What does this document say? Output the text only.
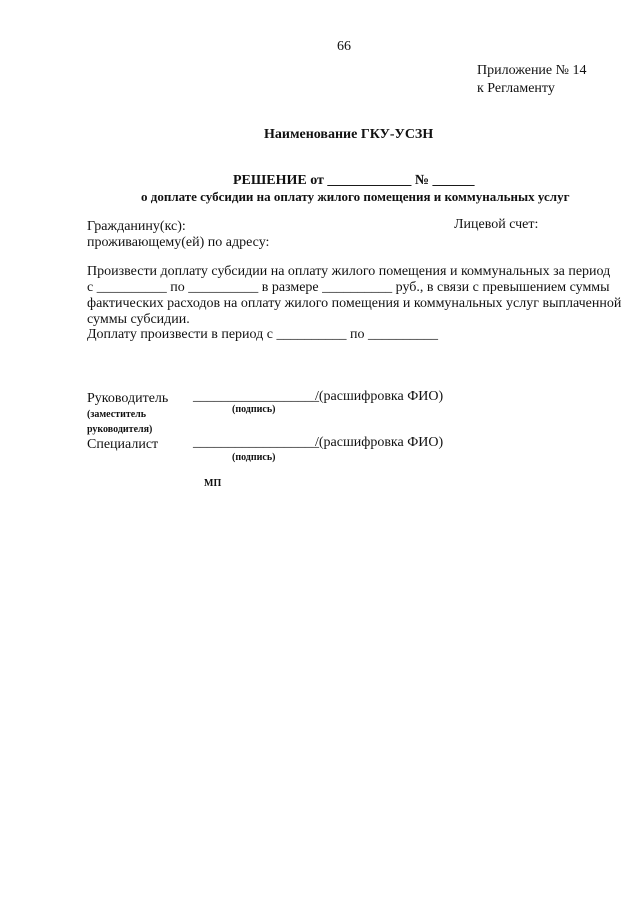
66
Приложение № 14
к Регламенту
Наименование ГКУ-УСЗН
РЕШЕНИЕ от ____________ № ______
о доплате субсидии на оплату жилого помещения и коммунальных услуг
Гражданину(кс):	Лицевой счет:
проживающему(ей) по адресу:
Произвести доплату субсидии на оплату жилого помещения и коммунальных за период
с __________ по __________ в размере __________ руб., в связи с превышением суммы
фактических расходов на оплату жилого помещения и коммунальных услуг выплаченной
суммы субсидии.
Доплату произвести в период с __________ по __________
Руководитель __________________
/(расшифровка ФИО)
(подпись)
(заместитель
руководителя)
Специалист __________________
/(расшифровка ФИО)
(подпись)
МП
